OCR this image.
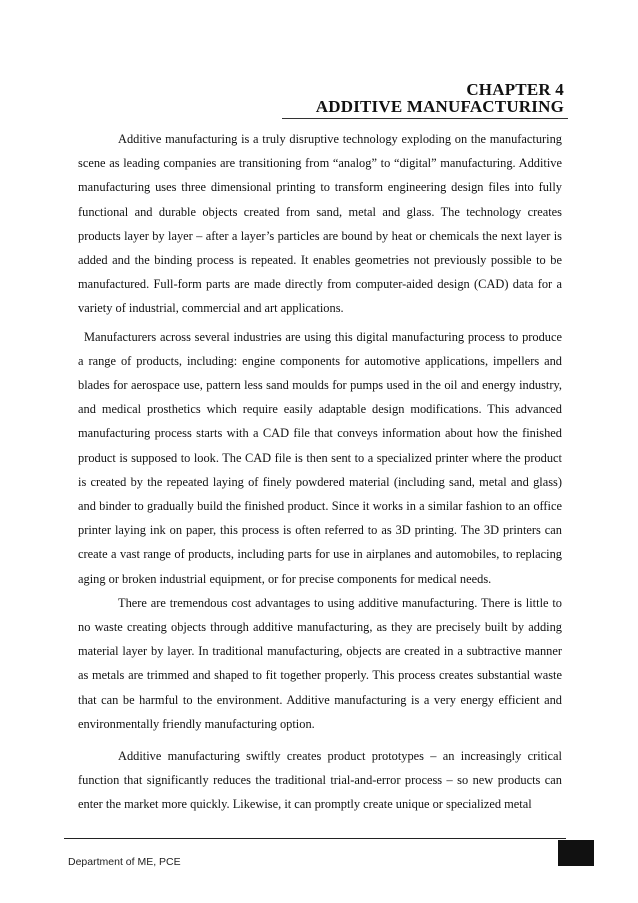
CHAPTER 4
ADDITIVE MANUFACTURING

Additive manufacturing is a truly disruptive technology exploding on the manufacturing scene as leading companies are transitioning from “analog” to “digital” manufacturing. Additive manufacturing uses three dimensional printing to transform engineering design files into fully functional and durable objects created from sand, metal and glass. The technology creates products layer by layer – after a layer’s particles are bound by heat or chemicals the next layer is added and the binding process is repeated. It enables geometries not previously possible to be manufactured. Full-form parts are made directly from computer-aided design (CAD) data for a variety of industrial, commercial and art applications.

Manufacturers across several industries are using this digital manufacturing process to produce a range of products, including: engine components for automotive applications, impellers and blades for aerospace use, pattern less sand moulds for pumps used in the oil and energy industry, and medical prosthetics which require easily adaptable design modifications. This advanced manufacturing process starts with a CAD file that conveys information about how the finished product is supposed to look. The CAD file is then sent to a specialized printer where the product is created by the repeated laying of finely powdered material (including sand, metal and glass) and binder to gradually build the finished product. Since it works in a similar fashion to an office printer laying ink on paper, this process is often referred to as 3D printing. The 3D printers can create a vast range of products, including parts for use in airplanes and automobiles, to replacing aging or broken industrial equipment, or for precise components for medical needs.

There are tremendous cost advantages to using additive manufacturing. There is little to no waste creating objects through additive manufacturing, as they are precisely built by adding material layer by layer. In traditional manufacturing, objects are created in a subtractive manner as metals are trimmed and shaped to fit together properly. This process creates substantial waste that can be harmful to the environment. Additive manufacturing is a very energy efficient and environmentally friendly manufacturing option.

Additive manufacturing swiftly creates product prototypes – an increasingly critical function that significantly reduces the traditional trial-and-error process – so new products can enter the market more quickly. Likewise, it can promptly create unique or specialized metal

Department of ME, PCE
